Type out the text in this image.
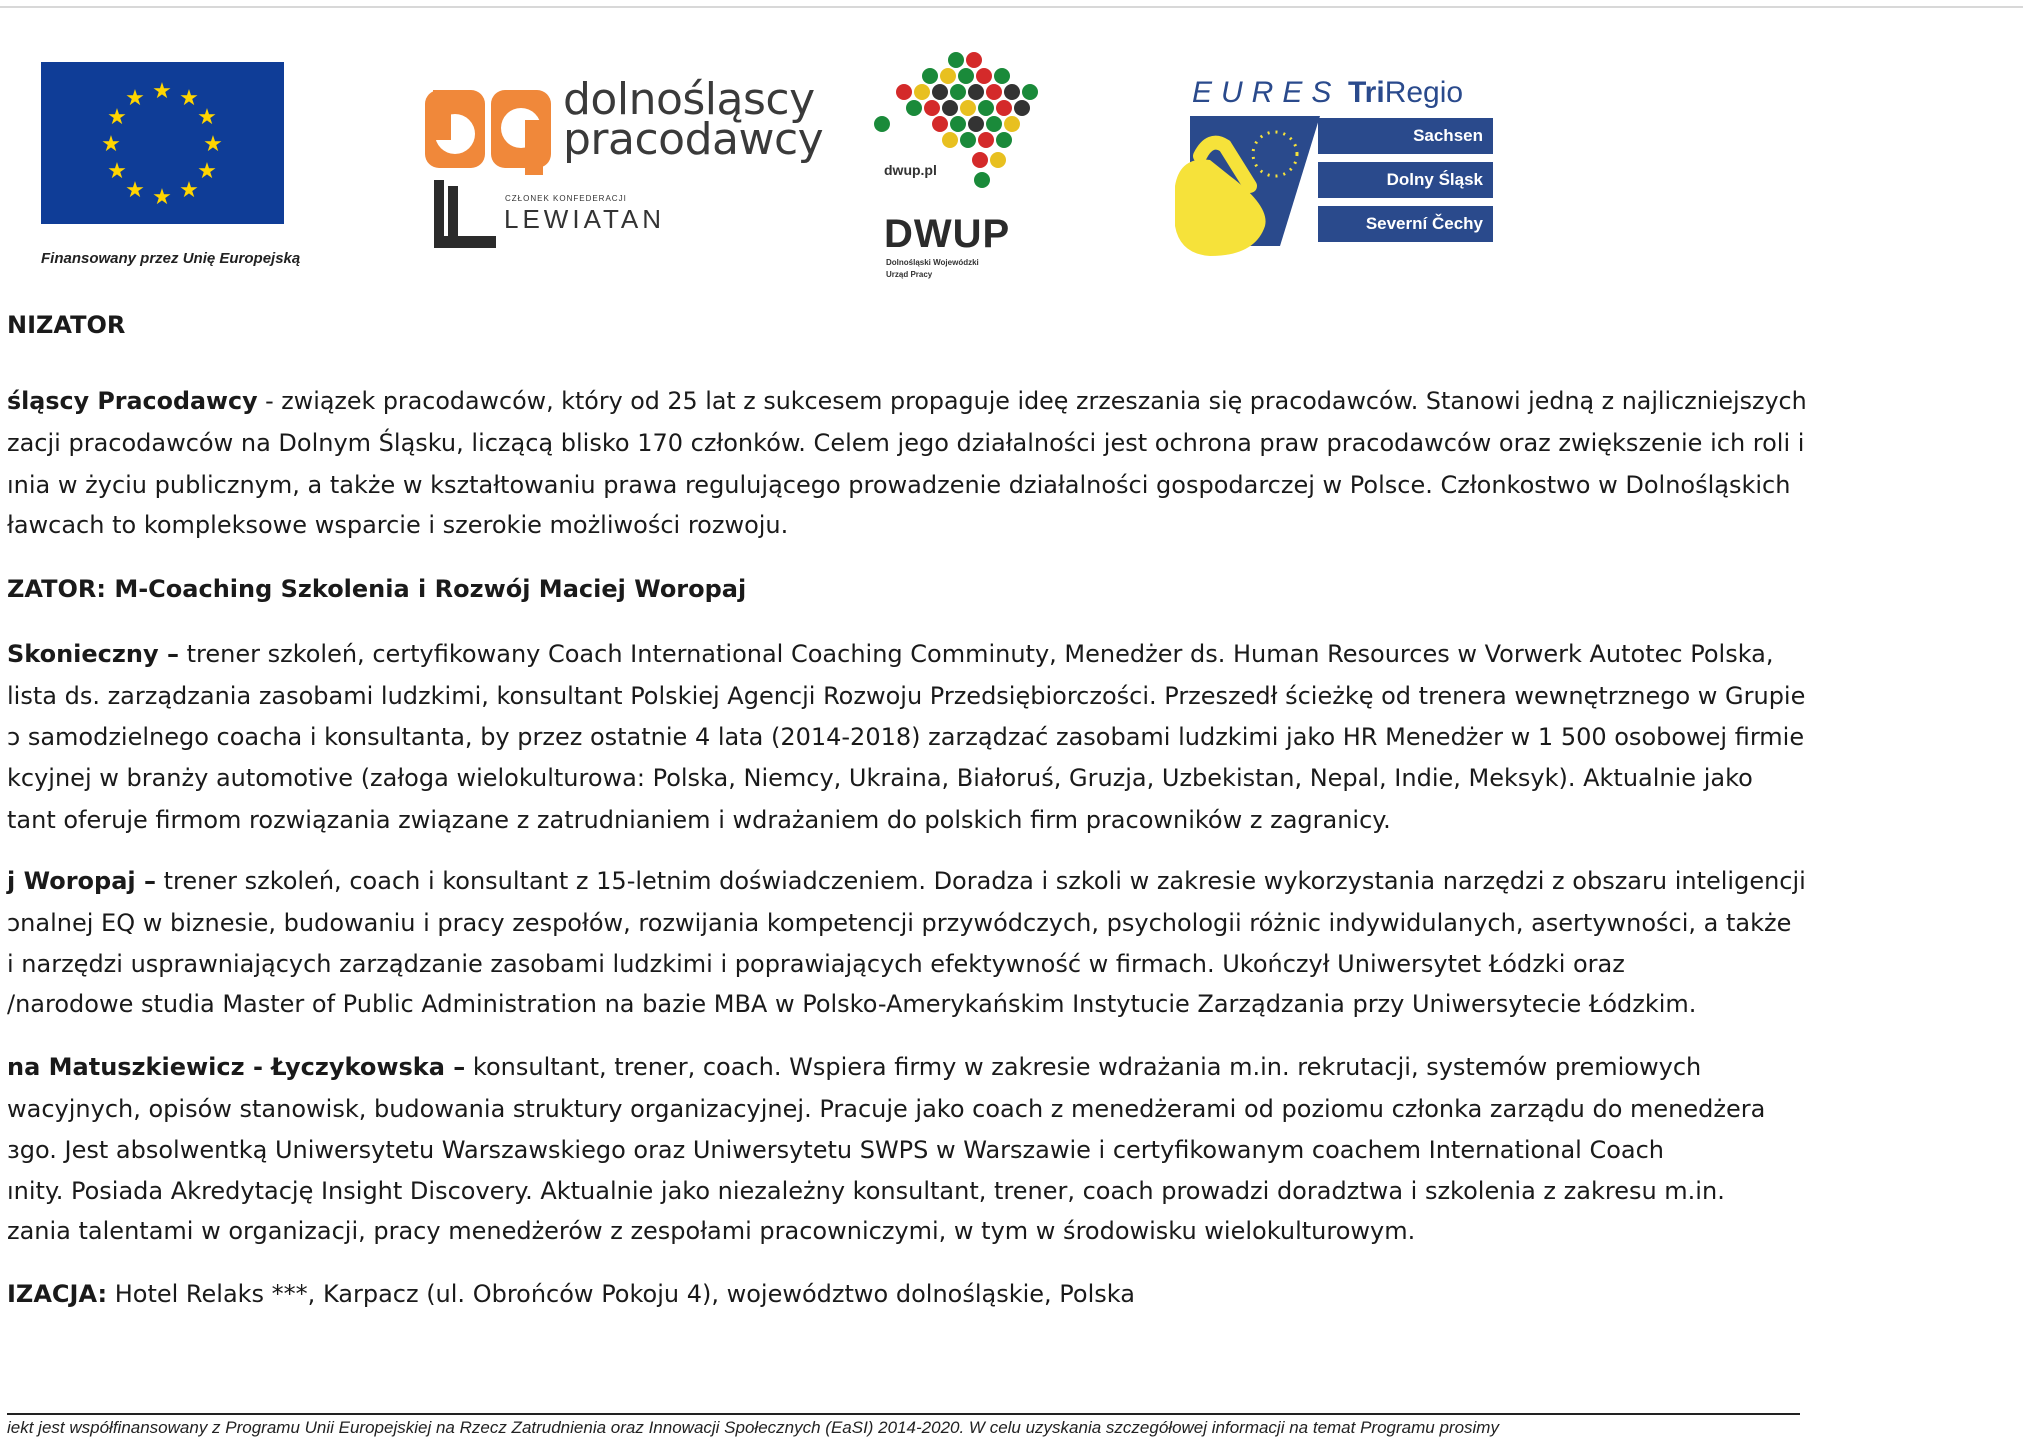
★ ★
★
★
★
★
★
★
★
★
★
★
Finansowany przez Unię Europejską
dolnośląscy
pracodawcy
CZŁONEK KONFEDERACJI
LEWIATAN
dwup.pl
DWUP
Dolnośląski Wojewódzki
Urząd Pracy
EURES TriRegio
Sachsen
Dolny Śląsk
Severní Čechy
NIZATOR
śląscy Pracodawcy - związek pracodawców, który od 25 lat z sukcesem propaguje ideę zrzeszania się pracodawców. Stanowi jedną z najliczniejszych
zacji pracodawców na Dolnym Śląsku, liczącą blisko 170 członków. Celem jego działalności jest ochrona praw pracodawców oraz zwiększenie ich roli i
ınia w życiu publicznym, a także w kształtowaniu prawa regulującego prowadzenie działalności gospodarczej w Polsce. Członkostwo w Dolnośląskich
ławcach to kompleksowe wsparcie i szerokie możliwości rozwoju.
ZATOR: M-Coaching Szkolenia i Rozwój Maciej Woropaj
Skonieczny – trener szkoleń, certyfikowany Coach International Coaching Comminuty, Menedżer ds. Human Resources w Vorwerk Autotec Polska,
lista ds. zarządzania zasobami ludzkimi, konsultant Polskiej Agencji Rozwoju Przedsiębiorczości. Przeszedł ścieżkę od trenera wewnętrznego w Grupie
ɔ samodzielnego coacha i konsultanta, by przez ostatnie 4 lata (2014-2018) zarządzać zasobami ludzkimi jako HR Menedżer w 1 500 osobowej firmie
kcyjnej w branży automotive (załoga wielokulturowa: Polska, Niemcy, Ukraina, Białoruś, Gruzja, Uzbekistan, Nepal, Indie, Meksyk). Aktualnie jako
tant oferuje firmom rozwiązania związane z zatrudnianiem i wdrażaniem do polskich firm pracowników z zagranicy.
j Woropaj – trener szkoleń, coach i konsultant z 15-letnim doświadczeniem. Doradza i szkoli w zakresie wykorzystania narzędzi z obszaru inteligencji
ɔnalnej EQ w biznesie, budowaniu i pracy zespołów, rozwijania kompetencji przywódczych, psychologii różnic indywidulanych, asertywności, a także
i narzędzi usprawniających zarządzanie zasobami ludzkimi i poprawiających efektywność w firmach. Ukończył Uniwersytet Łódzki oraz
/narodowe studia Master of Public Administration na bazie MBA w Polsko-Amerykańskim Instytucie Zarządzania przy Uniwersytecie Łódzkim.
na Matuszkiewicz - Łyczykowska – konsultant, trener, coach. Wspiera firmy w zakresie wdrażania m.in. rekrutacji, systemów premiowych
wacyjnych, opisów stanowisk, budowania struktury organizacyjnej. Pracuje jako coach z menedżerami od poziomu członka zarządu do menedżera
ɜgo. Jest absolwentką Uniwersytetu Warszawskiego oraz Uniwersytetu SWPS w Warszawie i certyfikowanym coachem International Coach
ınity. Posiada Akredytację Insight Discovery. Aktualnie jako niezależny konsultant, trener, coach prowadzi doradztwa i szkolenia z zakresu m.in.
zania talentami w organizacji, pracy menedżerów z zespołami pracowniczymi, w tym w środowisku wielokulturowym.
IZACJA: Hotel Relaks ***, Karpacz (ul. Obrońców Pokoju 4), województwo dolnośląskie, Polska
iekt jest współfinansowany z Programu Unii Europejskiej na Rzecz Zatrudnienia oraz Innowacji Społecznych (EaSI) 2014-2020. W celu uzyskania szczegółowej informacji na temat Programu prosimy
